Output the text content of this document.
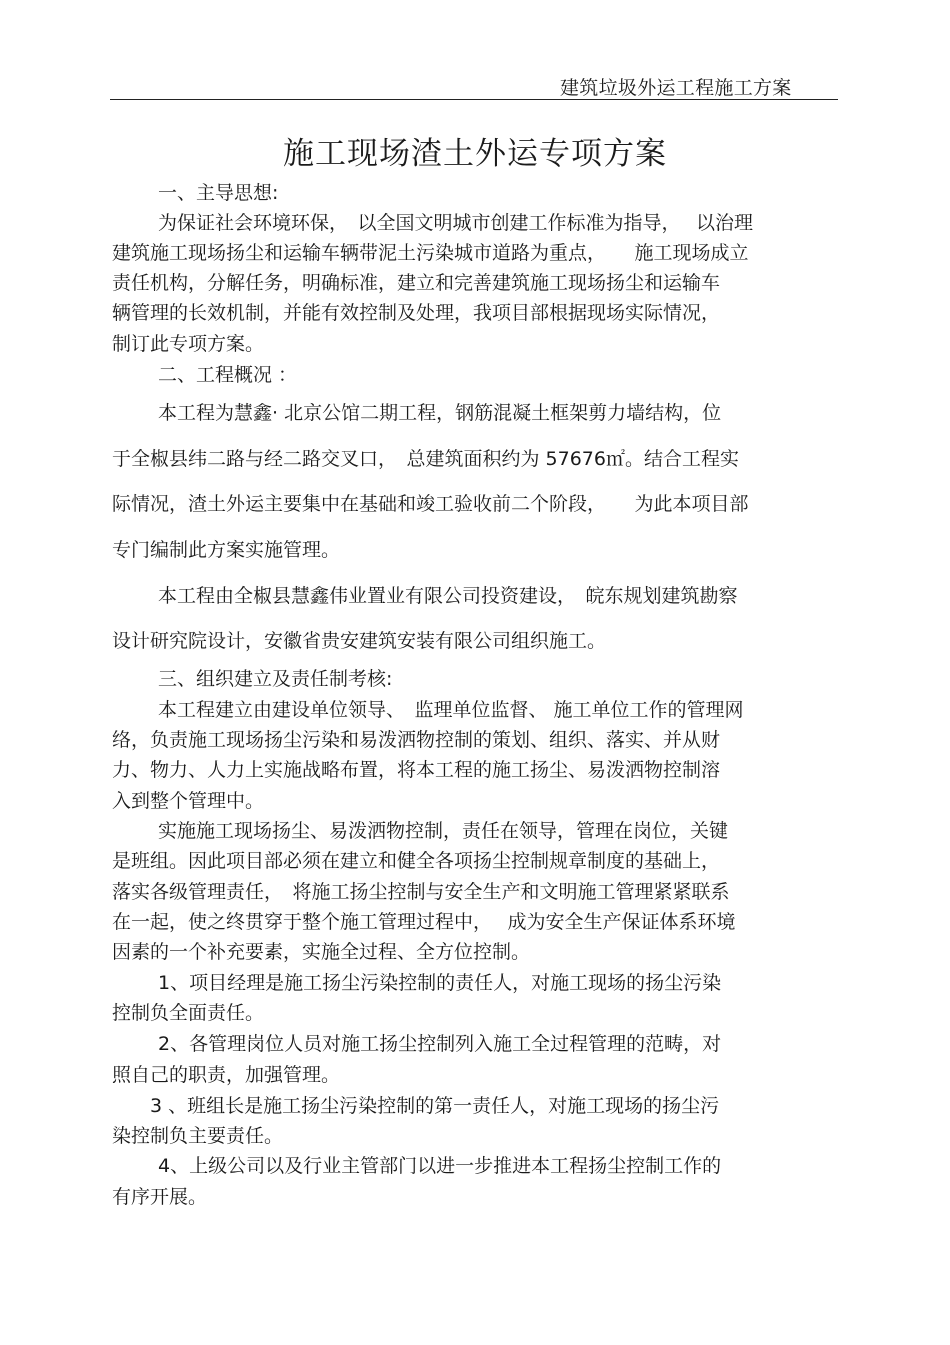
建筑垃圾外运工程施工方案
施工现场渣土外运专项方案
一、主导思想:
为保证社会环境环保，　以全国文明城市创建工作标准为指导，　 以治理
建筑施工现场扬尘和运输车辆带泥土污染城市道路为重点，　　施工现场成立
责任机构，分解任务，明确标准，建立和完善建筑施工现场扬尘和运输车
辆管理的长效机制，并能有效控制及处理，我项目部根据现场实际情况，
制订此专项方案。
二、工程概况 ：
本工程为慧鑫· 北京公馆二期工程，钢筋混凝土框架剪力墙结构，位
于全椒县纬二路与经二路交叉口，　总建筑面积约为 57676㎡。结合工程实
际情况，渣土外运主要集中在基础和竣工验收前二个阶段，　　为此本项目部
专门编制此方案实施管理。
本工程由全椒县慧鑫伟业置业有限公司投资建设，　皖东规划建筑勘察
设计研究院设计，安徽省贵安建筑安装有限公司组织施工。
三、组织建立及责任制考核:
本工程建立由建设单位领导、　监理单位监督、 施工单位工作的管理网
络，负责施工现场扬尘污染和易泼洒物控制的策划、组织、落实、并从财
力、物力、人力上实施战略布置，将本工程的施工扬尘、易泼洒物控制溶
入到整个管理中。
实施施工现场扬尘、易泼洒物控制，责任在领导，管理在岗位，关键
是班组。因此项目部必须在建立和健全各项扬尘控制规章制度的基础上，
落实各级管理责任，　将施工扬尘控制与安全生产和文明施工管理紧紧联系
在一起，使之终贯穿于整个施工管理过程中，　 成为安全生产保证体系环境
因素的一个补充要素，实施全过程、全方位控制。
1、项目经理是施工扬尘污染控制的责任人，对施工现场的扬尘污染
控制负全面责任。
2、各管理岗位人员对施工扬尘控制列入施工全过程管理的范畴，对
照自己的职责，加强管理。
3 、班组长是施工扬尘污染控制的第一责任人，对施工现场的扬尘污
染控制负主要责任。
4、上级公司以及行业主管部门以进一步推进本工程扬尘控制工作的
有序开展。
